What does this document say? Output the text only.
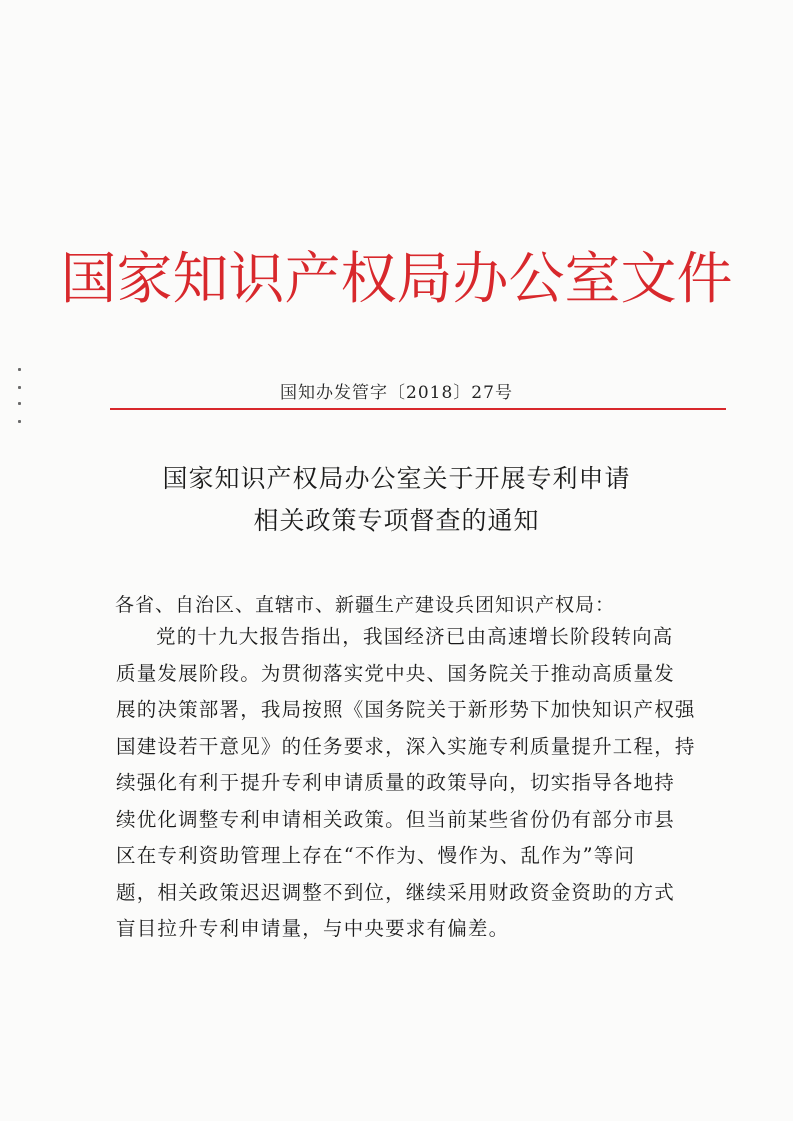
国家知识产权局办公室文件
国知办发管字〔2018〕27号
国家知识产权局办公室关于开展专利申请
相关政策专项督查的通知
各省、自治区、直辖市、新疆生产建设兵团知识产权局：
党的十九大报告指出，我国经济已由高速增长阶段转向高
质量发展阶段。为贯彻落实党中央、国务院关于推动高质量发
展的决策部署，我局按照《国务院关于新形势下加快知识产权强
国建设若干意见》的任务要求，深入实施专利质量提升工程，持
续强化有利于提升专利申请质量的政策导向，切实指导各地持
续优化调整专利申请相关政策。但当前某些省份仍有部分市县
区在专利资助管理上存在“不作为、慢作为、乱作为”等问
题，相关政策迟迟调整不到位，继续采用财政资金资助的方式
盲目拉升专利申请量，与中央要求有偏差。
